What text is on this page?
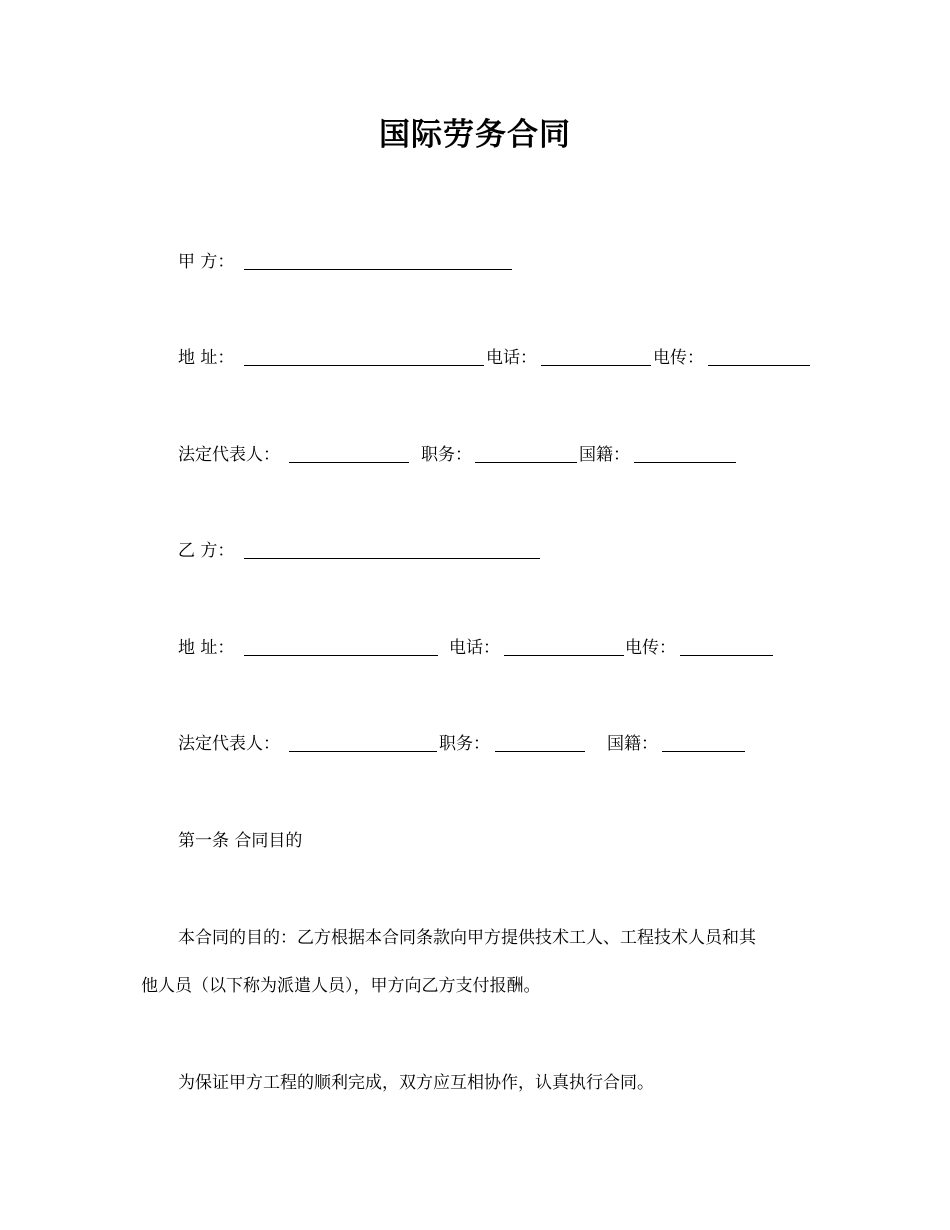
国际劳务合同
甲 方：
地 址：	电话：	电传：
法定代表人：	职务：	国籍：
乙 方：
地 址：	电话：	电传：
法定代表人：	职务：	国籍：
第一条 合同目的
本合同的目的：乙方根据本合同条款向甲方提供技术工人、工程技术人员和其
他人员（以下称为派遣人员），甲方向乙方支付报酬。
为保证甲方工程的顺利完成，双方应互相协作，认真执行合同。
